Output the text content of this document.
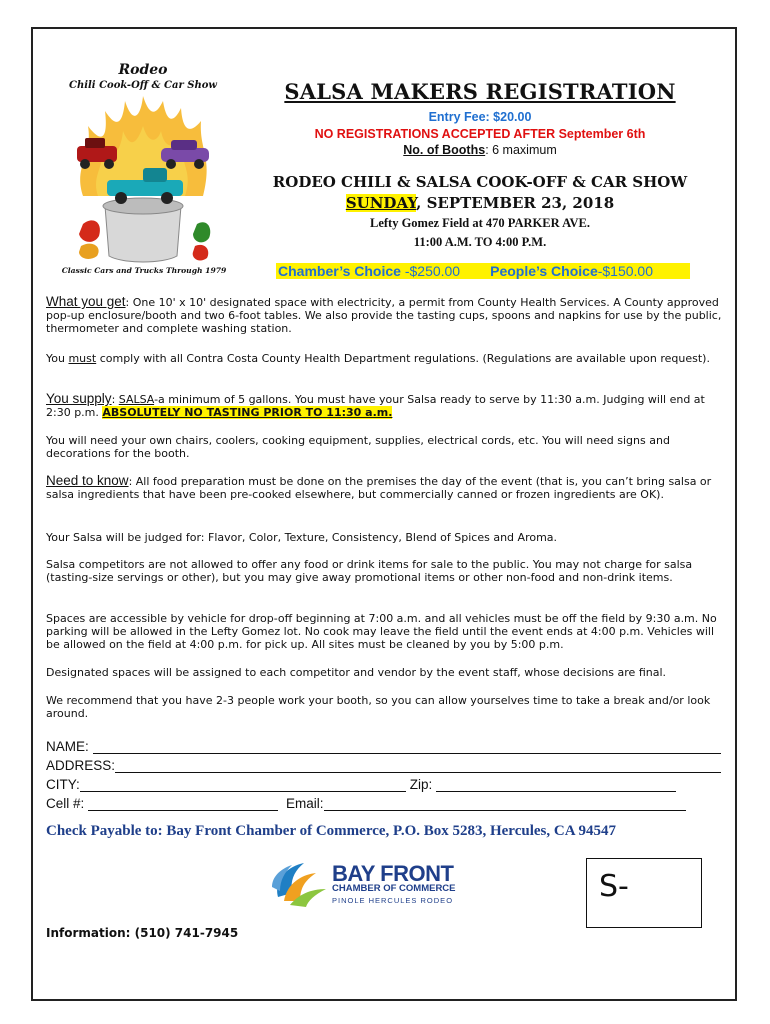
Rodeo
Chili Cook-Off & Car Show
Classic Cars and Trucks Through 1979
SALSA MAKERS REGISTRATION
Entry Fee: $20.00
NO REGISTRATIONS ACCEPTED AFTER September 6th
No. of Booths: 6 maximum
RODEO CHILI & SALSA COOK-OFF & CAR SHOW
SUNDAY, SEPTEMBER 23, 2018
Lefty Gomez Field at 470 PARKER AVE.
11:00 A.M. TO 4:00 P.M.
Chamber’s Choice -$250.00 People’s Choice-$150.00
What you get: One 10' x 10' designated space with electricity, a permit from County Health Services. A County approved pop-up enclosure/booth and two 6-foot tables. We also provide the tasting cups, spoons and napkins for use by the public, thermometer and complete washing station.
You must comply with all Contra Costa County Health Department regulations. (Regulations are available upon request).
You supply: SALSA-a minimum of 5 gallons. You must have your Salsa ready to serve by 11:30 a.m. Judging will end at 2:30 p.m. ABSOLUTELY NO TASTING PRIOR TO 11:30 a.m.
You will need your own chairs, coolers, cooking equipment, supplies, electrical cords, etc. You will need signs and decorations for the booth.
Need to know: All food preparation must be done on the premises the day of the event (that is, you can’t bring salsa or salsa ingredients that have been pre-cooked elsewhere, but commercially canned or frozen ingredients are OK).
Your Salsa will be judged for: Flavor, Color, Texture, Consistency, Blend of Spices and Aroma.
Salsa competitors are not allowed to offer any food or drink items for sale to the public. You may not charge for salsa (tasting-size servings or other), but you may give away promotional items or other non-food and non-drink items.
Spaces are accessible by vehicle for drop-off beginning at 7:00 a.m. and all vehicles must be off the field by 9:30 a.m. No parking will be allowed in the Lefty Gomez lot. No cook may leave the field until the event ends at 4:00 p.m. Vehicles will be allowed on the field at 4:00 p.m. for pick up. All sites must be cleaned by you by 5:00 p.m.
Designated spaces will be assigned to each competitor and vendor by the event staff, whose decisions are final.
We recommend that you have 2-3 people work your booth, so you can allow yourselves time to take a break and/or look around.
NAME:
ADDRESS:
CITY:	Zip:
Cell #:	Email:
Check Payable to: Bay Front Chamber of Commerce, P.O. Box 5283, Hercules, CA 94547
BAY FRONT
CHAMBER OF COMMERCE
PINOLE HERCULES RODEO	S-
Information: (510) 741-7945
